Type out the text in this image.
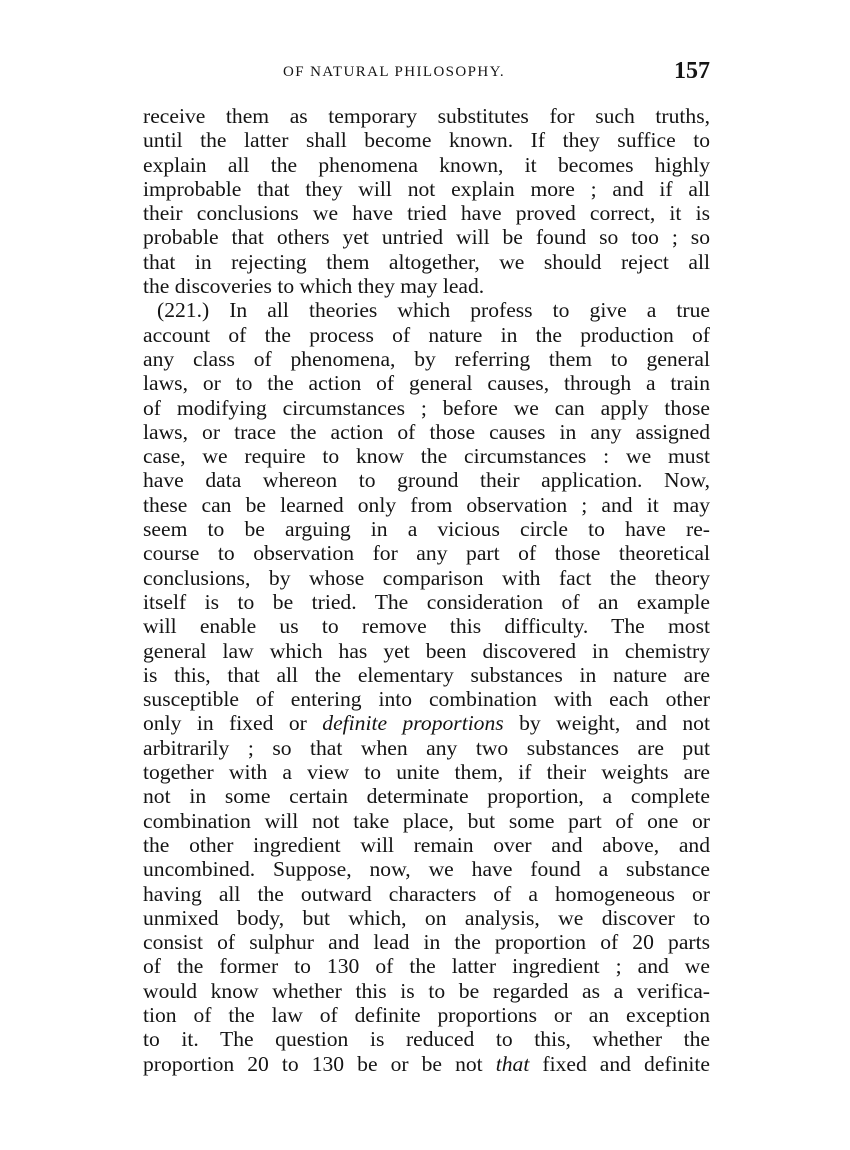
OF NATURAL PHILOSOPHY.	157
receive them as temporary substitutes for such truths,
until the latter shall become known. If they suffice to
explain all the phenomena known, it becomes highly
improbable that they will not explain more ; and if all
their conclusions we have tried have proved correct, it is
probable that others yet untried will be found so too ; so
that in rejecting them altogether, we should reject all
the discoveries to which they may lead.
(221.) In all theories which profess to give a true
account of the process of nature in the production of
any class of phenomena, by referring them to general
laws, or to the action of general causes, through a train
of modifying circumstances ; before we can apply those
laws, or trace the action of those causes in any assigned
case, we require to know the circumstances : we must
have data whereon to ground their application. Now,
these can be learned only from observation ; and it may
seem to be arguing in a vicious circle to have re-
course to observation for any part of those theoretical
conclusions, by whose comparison with fact the theory
itself is to be tried. The consideration of an example
will enable us to remove this difficulty. The most
general law which has yet been discovered in chemistry
is this, that all the elementary substances in nature are
susceptible of entering into combination with each other
only in fixed or definite proportions by weight, and not
arbitrarily ; so that when any two substances are put
together with a view to unite them, if their weights are
not in some certain determinate proportion, a complete
combination will not take place, but some part of one or
the other ingredient will remain over and above, and
uncombined. Suppose, now, we have found a substance
having all the outward characters of a homogeneous or
unmixed body, but which, on analysis, we discover to
consist of sulphur and lead in the proportion of 20 parts
of the former to 130 of the latter ingredient ; and we
would know whether this is to be regarded as a verifica-
tion of the law of definite proportions or an exception
to it. The question is reduced to this, whether the
proportion 20 to 130 be or be not that fixed and definite
